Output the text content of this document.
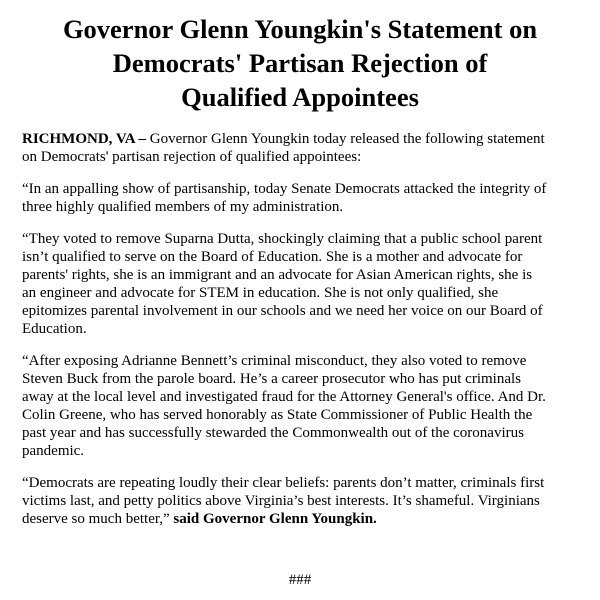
Governor Glenn Youngkin's Statement on
Democrats' Partisan Rejection of
Qualified Appointees

RICHMOND, VA – Governor Glenn Youngkin today released the following statement
on Democrats' partisan rejection of qualified appointees:

“In an appalling show of partisanship, today Senate Democrats attacked the integrity of
three highly qualified members of my administration.

“They voted to remove Suparna Dutta, shockingly claiming that a public school parent
isn’t qualified to serve on the Board of Education. She is a mother and advocate for
parents' rights, she is an immigrant and an advocate for Asian American rights, she is
an engineer and advocate for STEM in education. She is not only qualified, she
epitomizes parental involvement in our schools and we need her voice on our Board of
Education.

“After exposing Adrianne Bennett’s criminal misconduct, they also voted to remove
Steven Buck from the parole board. He’s a career prosecutor who has put criminals
away at the local level and investigated fraud for the Attorney General's office. And Dr.
Colin Greene, who has served honorably as State Commissioner of Public Health the
past year and has successfully stewarded the Commonwealth out of the coronavirus
pandemic.

“Democrats are repeating loudly their clear beliefs: parents don’t matter, criminals first
victims last, and petty politics above Virginia’s best interests. It’s shameful. Virginians
deserve so much better,” said Governor Glenn Youngkin.

###
